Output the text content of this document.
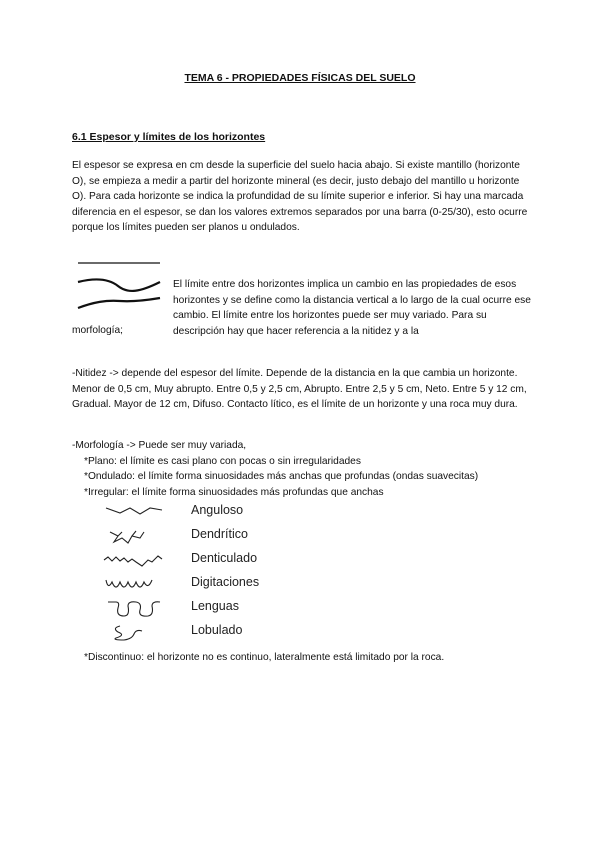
TEMA 6 - PROPIEDADES FÍSICAS DEL SUELO
6.1 Espesor y límites de los horizontes
El espesor se expresa en cm desde la superficie del suelo hacia abajo. Si existe mantillo (horizonte O), se empieza a medir a partir del horizonte mineral (es decir, justo debajo del mantillo u horizonte O). Para cada horizonte se indica la profundidad de su límite superior e inferior. Si hay una marcada diferencia en el espesor, se dan los valores extremos separados por una barra (0-25/30), esto ocurre porque los límites pueden ser planos u ondulados.
El límite entre dos horizontes implica un cambio en las propiedades de esos horizontes y se define como la distancia vertical a lo largo de la cual ocurre ese cambio. El límite entre los horizontes puede ser muy variado. Para su descripción hay que hacer referencia a la nitidez y a la
morfología;
-Nitidez -> depende del espesor del límite. Depende de la distancia en la que cambia un horizonte. Menor de 0,5 cm, Muy abrupto. Entre 0,5 y 2,5 cm, Abrupto. Entre 2,5 y 5 cm, Neto. Entre 5 y 12 cm, Gradual. Mayor de 12 cm, Difuso. Contacto lítico, es el límite de un horizonte y una roca muy dura.
-Morfología -> Puede ser muy variada,
*Plano: el límite es casi plano con pocas o sin irregularidades
*Ondulado: el límite forma sinuosidades más anchas que profundas (ondas suavecitas)
*Irregular: el límite forma sinuosidades más profundas que anchas
Anguloso
Dendrítico
Denticulado
Digitaciones
Lenguas
Lobulado
*Discontinuo: el horizonte no es continuo, lateralmente está limitado por la roca.
